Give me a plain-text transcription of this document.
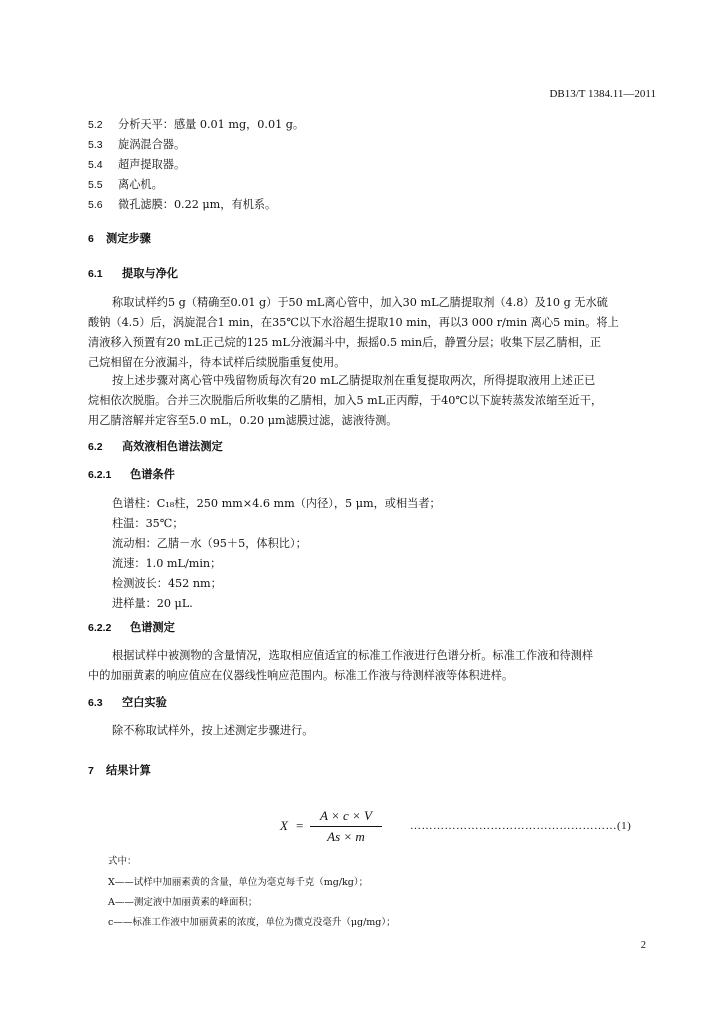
DB13/T 1384.11—2011
5.2 分析天平：感量 0.01 mg，0.01 g。
5.3 旋涡混合器。
5.4 超声提取器。
5.5 离心机。
5.6 微孔滤膜：0.22 μm，有机系。
6 测定步骤
6.1 提取与净化
称取试样约5 g（精确至0.01 g）于50 mL离心管中，加入30 mL乙腈提取剂（4.8）及10 g 无水硫
酸钠（4.5）后，涡旋混合1 min，在35℃以下水浴超生提取10 min，再以3 000 r/min 离心5 min。将上
清液移入预置有20 mL正己烷的125 mL分液漏斗中，振摇0.5 min后，静置分层；收集下层乙腈相，正
己烷相留在分液漏斗，待本试样后续脱脂重复使用。
按上述步骤对离心管中残留物质每次有20 mL乙腈提取剂在重复提取两次，所得提取液用上述正已
烷相依次脱脂。合并三次脱脂后所收集的乙腈相，加入5 mL正丙醇，于40℃以下旋转蒸发浓缩至近干，
用乙腈溶解并定容至5.0 mL，0.20 μm滤膜过滤，滤液待测。
6.2 高效液相色谱法测定
6.2.1 色谱条件
色谱柱：C₁₈柱，250 mm×4.6 mm（内径），5 μm，或相当者；
柱温：35℃；
流动相：乙腈－水（95＋5，体积比）；
流速：1.0 mL/min；
检测波长：452 nm；
进样量：20 μL.
6.2.2 色谱测定
根据试样中被测物的含量情况，选取相应值适宜的标准工作液进行色谱分析。标准工作液和待测样
中的加丽黄素的响应值应在仪器线性响应范围内。标准工作液与待测样液等体积进样。
6.3 空白实验
除不称取试样外，按上述测定步骤进行。
7 结果计算
X =
A × c × V
As × m
………………………………………………(1)
式中：
X——试样中加丽素黄的含量，单位为毫克每千克（mg/kg）；
A——测定液中加丽黄素的峰面积；
c——标准工作液中加丽黄素的浓度，单位为微克没毫升（μg/mg）；
2
